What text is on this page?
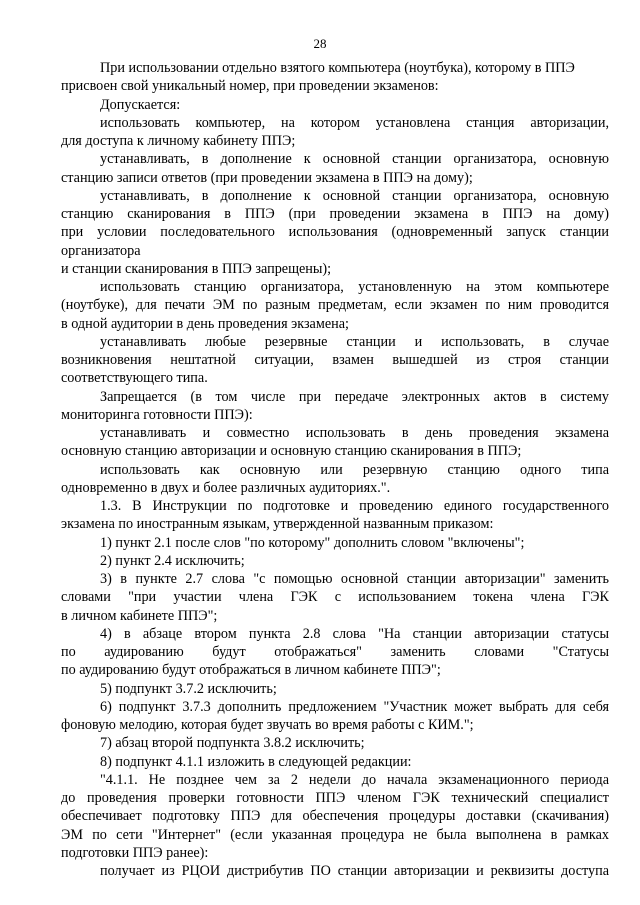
28
При использовании отдельно взятого компьютера (ноутбука), которому в ППЭ
присвоен свой уникальный номер, при проведении экзаменов:
Допускается:
использовать компьютер, на котором установлена станция авторизации,
для доступа к личному кабинету ППЭ;
устанавливать, в дополнение к основной станции организатора, основную
станцию записи ответов (при проведении экзамена в ППЭ на дому);
устанавливать, в дополнение к основной станции организатора, основную
станцию сканирования в ППЭ (при проведении экзамена в ППЭ на дому)
при условии последовательного использования (одновременный запуск станции
организатора
и станции сканирования в ППЭ запрещены);
использовать станцию организатора, установленную на этом компьютере
(ноутбуке), для печати ЭМ по разным предметам, если экзамен по ним проводится
в одной аудитории в день проведения экзамена;
устанавливать любые резервные станции и использовать, в случае
возникновения нештатной ситуации, взамен вышедшей из строя станции
соответствующего типа.
Запрещается (в том числе при передаче электронных актов в систему
мониторинга готовности ППЭ):
устанавливать и совместно использовать в день проведения экзамена
основную станцию авторизации и основную станцию сканирования в ППЭ;
использовать как основную или резервную станцию одного типа
одновременно в двух и более различных аудиториях.".
1.3. В Инструкции по подготовке и проведению единого государственного
экзамена по иностранным языкам, утвержденной названным приказом:
1) пункт 2.1 после слов "по которому" дополнить словом "включены";
2) пункт 2.4 исключить;
3) в пункте 2.7 слова "с помощью основной станции авторизации" заменить
словами "при участии члена ГЭК с использованием токена члена ГЭК
в личном кабинете ППЭ";
4) в абзаце втором пункта 2.8 слова "На станции авторизации статусы
по аудированию будут отображаться" заменить словами "Статусы
по аудированию будут отображаться в личном кабинете ППЭ";
5) подпункт 3.7.2 исключить;
6) подпункт 3.7.3 дополнить предложением "Участник может выбрать для себя
фоновую мелодию, которая будет звучать во время работы с КИМ.";
7) абзац второй подпункта 3.8.2 исключить;
8) подпункт 4.1.1 изложить в следующей редакции:
"4.1.1. Не позднее чем за 2 недели до начала экзаменационного периода
до проведения проверки готовности ППЭ членом ГЭК технический специалист
обеспечивает подготовку ППЭ для обеспечения процедуры доставки (скачивания)
ЭМ по сети "Интернет" (если указанная процедура не была выполнена в рамках
подготовки ППЭ ранее):
получает из РЦОИ дистрибутив ПО станции авторизации и реквизиты доступа
